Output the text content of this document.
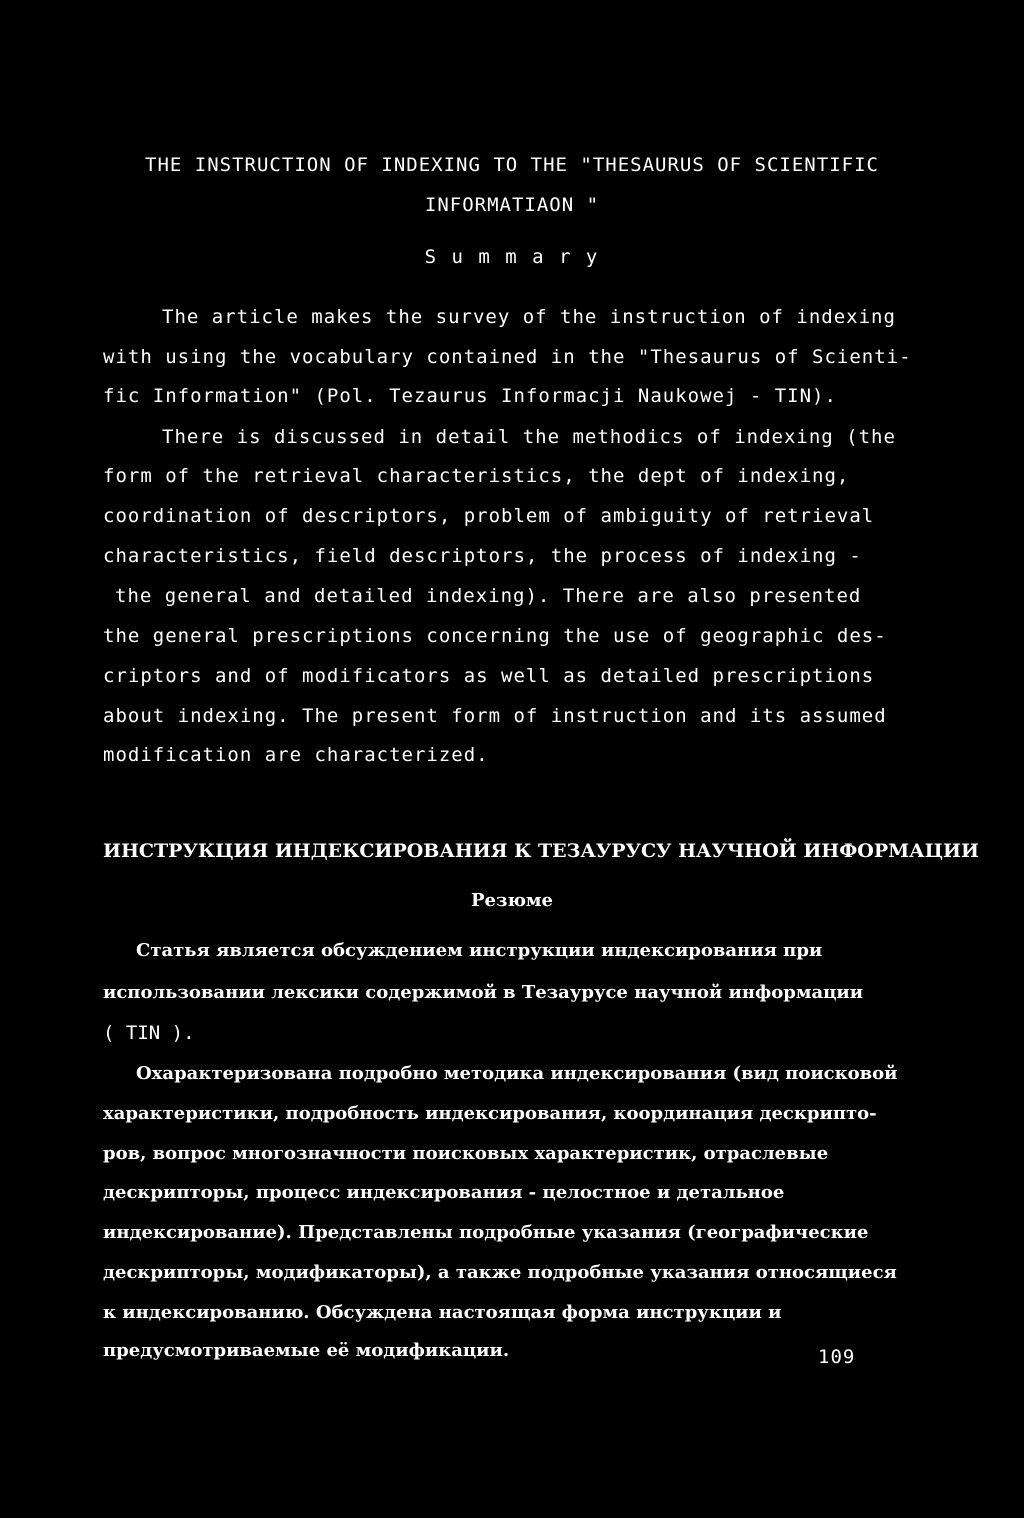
THE INSTRUCTION OF INDEXING TO THE "THESAURUS OF SCIENTIFIC
INFORMATIAON "
S u m m a r y
The article makes the survey of the instruction of indexing
with using the vocabulary contained in the "Thesaurus of Scienti-
fic Information" (Pol. Tezaurus Informacji Naukowej - TIN).
There is discussed in detail the methodics of indexing (the
form of the retrieval characteristics, the dept of indexing,
coordination of descriptors, problem of ambiguity of retrieval
characteristics, field descriptors, the process of indexing -
the general and detailed indexing). There are also presented
the general prescriptions concerning the use of geographic des-
criptors and of modificators as well as detailed prescriptions
about indexing. The present form of instruction and its assumed
modification are characterized.
ИНСТРУКЦИЯ ИНДЕКСИРОВАНИЯ К ТЕЗАУРУСУ НАУЧНОЙ ИНФОРМАЦИИ
Резюме
Статья является обсуждением инструкции индексирования при
использовании лексики содержимой в Тезаурусе научной информации
( TIN ).
Охарактеризована подробно методика индексирования (вид поисковой
характеристики, подробность индексирования, координация дескрипто-
ров, вопрос многозначности поисковых характеристик, отраслевые
дескрипторы, процесс индексирования - целостное и детальное
индексирование). Представлены подробные указания (географические
дескрипторы, модификаторы), а также подробные указания относящиеся
к индексированию. Обсуждена настоящая форма инструкции и
предусмотриваемые её модификации.	109
